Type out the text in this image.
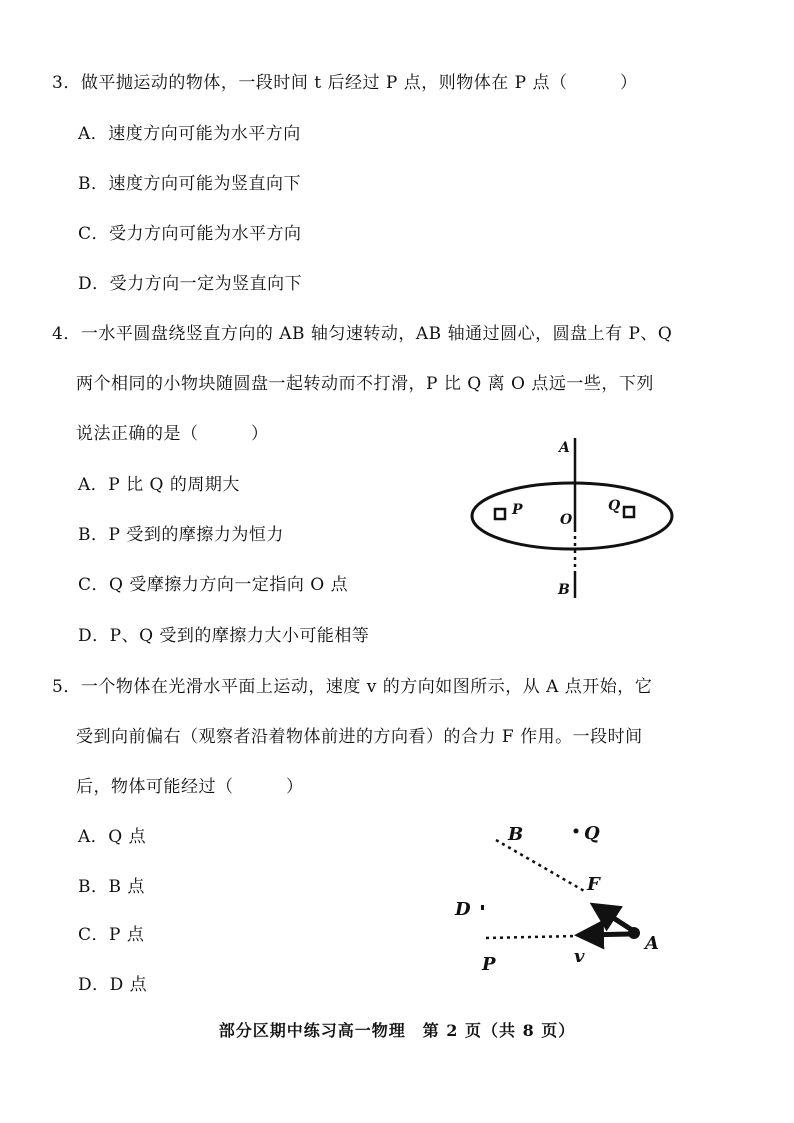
3．做平抛运动的物体，一段时间 t 后经过 P 点，则物体在 P 点（　　　）
A．速度方向可能为水平方向
B．速度方向可能为竖直向下
C．受力方向可能为水平方向
D．受力方向一定为竖直向下
4．一水平圆盘绕竖直方向的 AB 轴匀速转动，AB 轴通过圆心，圆盘上有 P、Q
两个相同的小物块随圆盘一起转动而不打滑，P 比 Q 离 O 点远一些，下列
说法正确的是（　　　）
A．P 比 Q 的周期大
B．P 受到的摩擦力为恒力
C．Q 受摩擦力方向一定指向 O 点
D．P、Q 受到的摩擦力大小可能相等
A
P
O
Q
B
5．一个物体在光滑水平面上运动，速度 v 的方向如图所示，从 A 点开始，它
受到向前偏右（观察者沿着物体前进的方向看）的合力 F 作用。一段时间
后，物体可能经过（　　　）
A．Q 点
B．B 点
C．P 点
D．D 点
B	Q
F
D
A
P	v
部分区期中练习高一物理　第 2 页（共 8 页）
